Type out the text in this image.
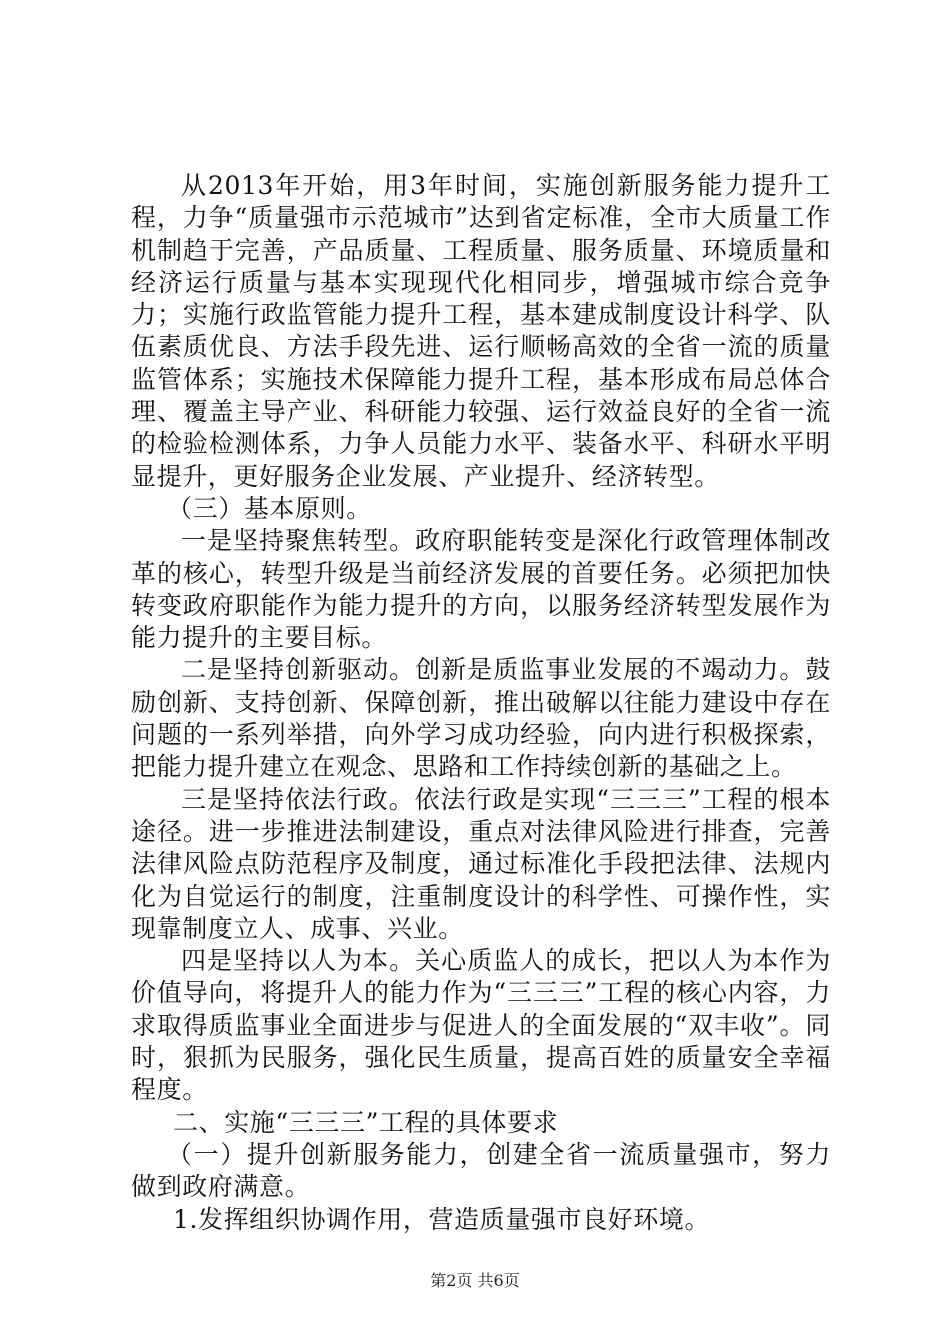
从2013年开始，用3年时间，实施创新服务能力提升工程，力争“质量强市示范城市”达到省定标准，全市大质量工作机制趋于完善，产品质量、工程质量、服务质量、环境质量和经济运行质量与基本实现现代化相同步，增强城市综合竞争力；实施行政监管能力提升工程，基本建成制度设计科学、队伍素质优良、方法手段先进、运行顺畅高效的全省一流的质量监管体系；实施技术保障能力提升工程，基本形成布局总体合理、覆盖主导产业、科研能力较强、运行效益良好的全省一流的检验检测体系，力争人员能力水平、装备水平、科研水平明显提升，更好服务企业发展、产业提升、经济转型。

（三）基本原则。

一是坚持聚焦转型。政府职能转变是深化行政管理体制改革的核心，转型升级是当前经济发展的首要任务。必须把加快转变政府职能作为能力提升的方向，以服务经济转型发展作为能力提升的主要目标。

二是坚持创新驱动。创新是质监事业发展的不竭动力。鼓励创新、支持创新、保障创新，推出破解以往能力建设中存在问题的一系列举措，向外学习成功经验，向内进行积极探索，把能力提升建立在观念、思路和工作持续创新的基础之上。

三是坚持依法行政。依法行政是实现“三三三”工程的根本途径。进一步推进法制建设，重点对法律风险进行排查，完善法律风险点防范程序及制度，通过标准化手段把法律、法规内化为自觉运行的制度，注重制度设计的科学性、可操作性，实现靠制度立人、成事、兴业。

四是坚持以人为本。关心质监人的成长，把以人为本作为价值导向，将提升人的能力作为“三三三”工程的核心内容，力求取得质监事业全面进步与促进人的全面发展的“双丰收”。同时，狠抓为民服务，强化民生质量，提高百姓的质量安全幸福程度。

二、实施“三三三”工程的具体要求

（一）提升创新服务能力，创建全省一流质量强市，努力做到政府满意。

1.发挥组织协调作用，营造质量强市良好环境。

第2页 共6页
